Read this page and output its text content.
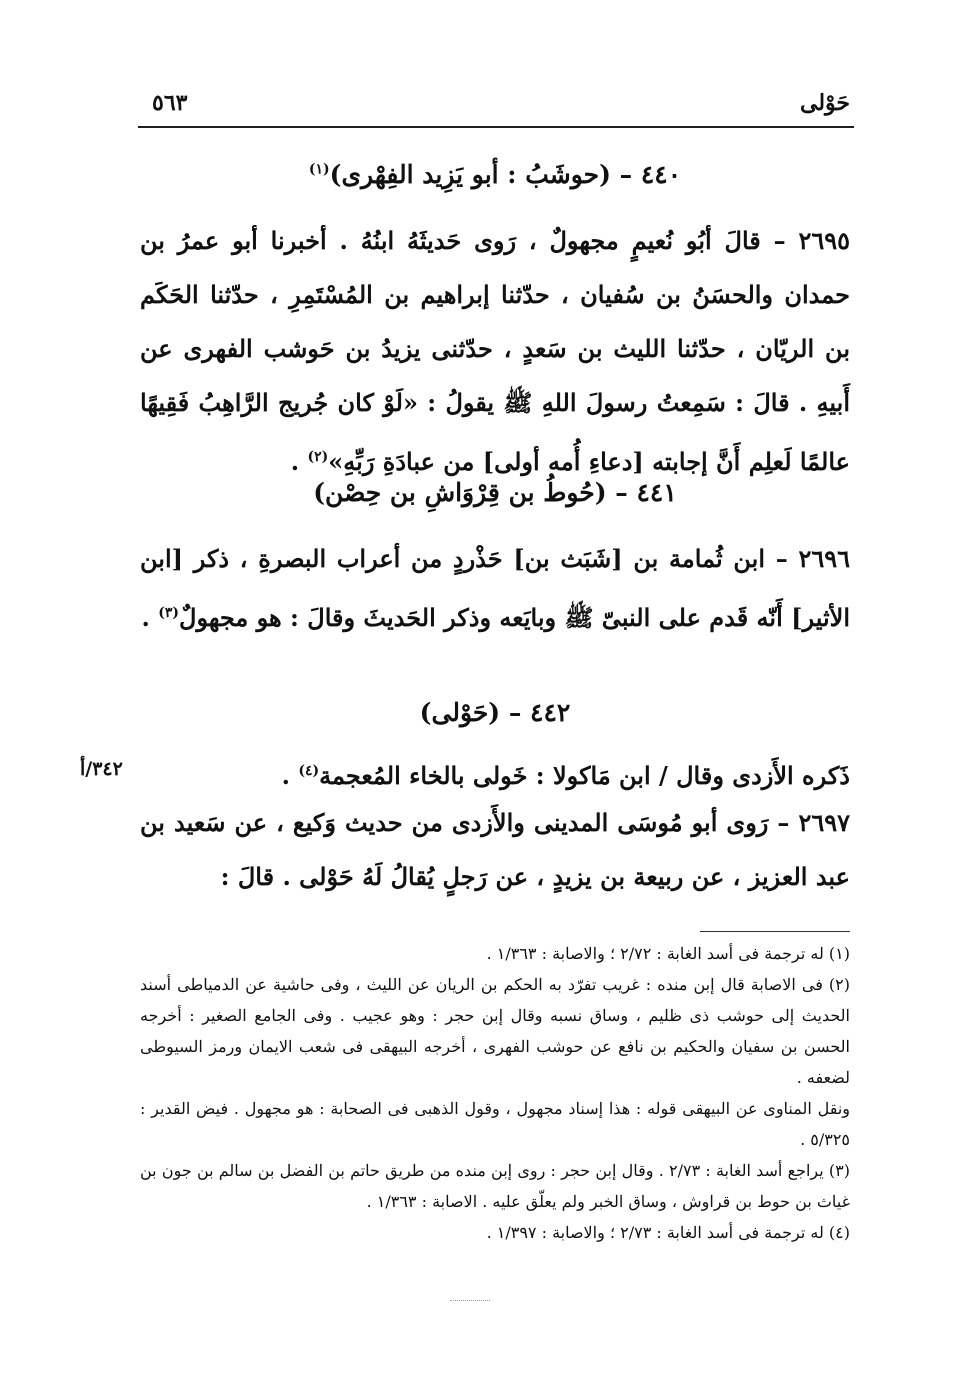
حَوْلى
٥٦٣

٤٤٠ – (حوشَبُ : أبو يَزِيد الفِهْرى)$^{(١)}$

٢٦٩٥ – قالَ أبُو نُعيمٍ مجهولٌ ، رَوى حَديثَهُ ابنُهُ . أخبرنا أبو عمرُ بن حمدان والحسَنُ بن سُفيان ، حدّثنا إبراهيم بن المُسْتَمِرِ ، حدّثنا الحَكَم بن الريّان ، حدّثنا الليث بن سَعدٍ ، حدّثنى يزيدُ بن حَوشب الفهرى عن أَبيهِ . قالَ : سَمِعتُ رسولَ اللهِ ﷺ يقولُ : «لَوْ كان جُريج الرَّاهِبُ فَقِيهًا عالمًا لَعلِم أَنَّ إجابته [دعاءِ أُمه أولى] من عبادَةِ رَبِّهِ»$^{(٢)}$ .

٤٤١ – (حُوطُ بن قِرْوَاشِ بن حِصْن)

٢٦٩٦ – ابن ثُمامة بن [شَبَث بن] حَذْردٍ من أعراب البصرةِ ، ذكر [ابن الأثير] أَنّه قَدم على النبىّ ﷺ وبايَعه وذكر الحَديثَ وقالَ : هو مجهولٌ$^{(٣)}$ .

٤٤٢ – (حَوْلى)

ذَكره الأَزدى وقال / ابن مَاكولا : خَولى بالخاء المُعجمة$^{(٤)}$ .

٢٦٩٧ – رَوى أبو مُوسَى المدينى والأَزدى من حديث وَكيع ، عن سَعيد بن عبد العزيز ، عن ربيعة بن يزيدٍ ، عن رَجلٍ يُقالُ لَهُ حَوْلى . قالَ :

٣٤٢/أ

(١) له ترجمة فى أسد الغابة : ٢/٧٢ ؛ والاصابة : ١/٣٦٣ .

(٢) فى الاصابة قال إبن منده : غريب تفرّد به الحكم بن الريان عن الليث ، وفى حاشية عن الدمياطى أسند الحديث إلى حوشب ذى ظليم ، وساق نسبه وقال إبن حجر : وهو عجيب . وفى الجامع الصغير : أخرجه الحسن بن سفيان والحكيم بن نافع عن حوشب الفهرى ، أخرجه البيهقى فى شعب الايمان ورمز السيوطى لضعفه .

ونقل المناوى عن البيهقى قوله : هذا إسناد مجهول ، وقول الذهبى فى الصحابة : هو مجهول . فيض القدير : ٥/٣٢٥ .

(٣) يراجع أسد الغابة : ٢/٧٣ . وقال إبن حجر : روى إبن منده من طريق حاتم بن الفضل بن سالم بن جون بن غياث بن حوط بن قراوش ، وساق الخبر ولم يعلّق عليه . الاصابة : ١/٣٦٣ .

(٤) له ترجمة فى أسد الغابة : ٢/٧٣ ؛ والاصابة : ١/٣٩٧ .
